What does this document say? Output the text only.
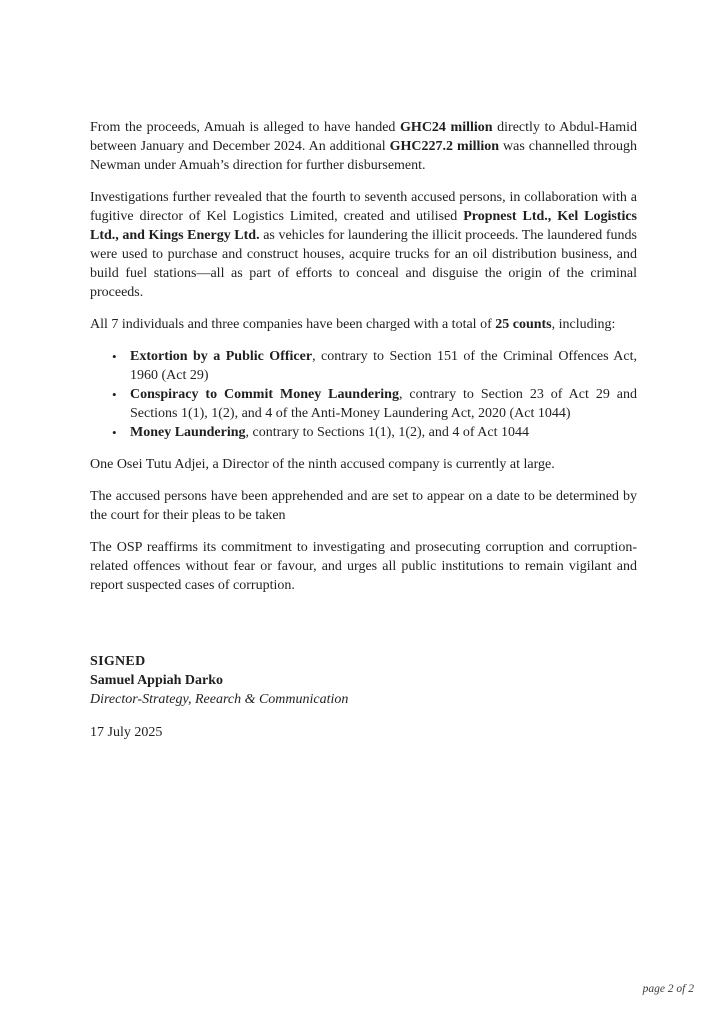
From the proceeds, Amuah is alleged to have handed GHC24 million directly to Abdul-Hamid between January and December 2024. An additional GHC227.2 million was channelled through Newman under Amuah’s direction for further disbursement.

Investigations further revealed that the fourth to seventh accused persons, in collaboration with a fugitive director of Kel Logistics Limited, created and utilised Propnest Ltd., Kel Logistics Ltd., and Kings Energy Ltd. as vehicles for laundering the illicit proceeds. The laundered funds were used to purchase and construct houses, acquire trucks for an oil distribution business, and build fuel stations—all as part of efforts to conceal and disguise the origin of the criminal proceeds.

All 7 individuals and three companies have been charged with a total of 25 counts, including:

• Extortion by a Public Officer, contrary to Section 151 of the Criminal Offences Act, 1960 (Act 29)
• Conspiracy to Commit Money Laundering, contrary to Section 23 of Act 29 and Sections 1(1), 1(2), and 4 of the Anti-Money Laundering Act, 2020 (Act 1044)
• Money Laundering, contrary to Sections 1(1), 1(2), and 4 of Act 1044

One Osei Tutu Adjei, a Director of the ninth accused company is currently at large.

The accused persons have been apprehended and are set to appear on a date to be determined by the court for their pleas to be taken

The OSP reaffirms its commitment to investigating and prosecuting corruption and corruption-related offences without fear or favour, and urges all public institutions to remain vigilant and report suspected cases of corruption.

SIGNED
Samuel Appiah Darko
Director-Strategy, Reearch & Communication
17 July 2025
page 2 of 2
